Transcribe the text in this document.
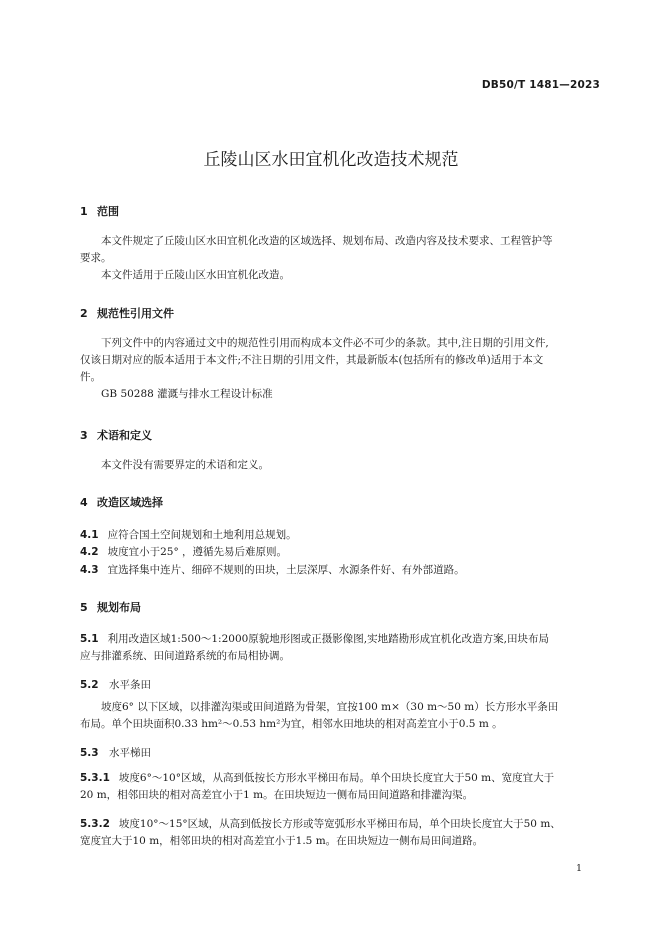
DB50/T 1481—2023
丘陵山区水田宜机化改造技术规范
1 范围
本文件规定了丘陵山区水田宜机化改造的区域选择、规划布局、改造内容及技术要求、工程管护等
要求。
本文件适用于丘陵山区水田宜机化改造。
2 规范性引用文件
下列文件中的内容通过文中的规范性引用而构成本文件必不可少的条款。其中,注日期的引用文件,
仅该日期对应的版本适用于本文件;不注日期的引用文件，其最新版本(包括所有的修改单)适用于本文
件。
GB 50288 灌溉与排水工程设计标准
3 术语和定义
本文件没有需要界定的术语和定义。
4 改造区域选择
4.1 应符合国土空间规划和土地利用总规划。
4.2 坡度宜小于25° ，遵循先易后难原则。
4.3 宜选择集中连片、细碎不规则的田块，土层深厚、水源条件好、有外部道路。
5 规划布局
5.1 利用改造区域1:500～1:2000原貌地形图或正摄影像图,实地踏勘形成宜机化改造方案,田块布局
应与排灌系统、田间道路系统的布局相协调。
5.2 水平条田
坡度6° 以下区域，以排灌沟渠或田间道路为骨架，宜按100 m×（30 m～50 m）长方形水平条田
布局。单个田块面积0.33 hm²～0.53 hm²为宜，相邻水田地块的相对高差宜小于0.5 m 。
5.3 水平梯田
5.3.1 坡度6°～10°区域，从高到低按长方形水平梯田布局。单个田块长度宜大于50 m、宽度宜大于
20 m，相邻田块的相对高差宜小于1 m。在田块短边一侧布局田间道路和排灌沟渠。
5.3.2 坡度10°～15°区域，从高到低按长方形或等宽弧形水平梯田布局，单个田块长度宜大于50 m、
宽度宜大于10 m，相邻田块的相对高差宜小于1.5 m。在田块短边一侧布局田间道路。
1
